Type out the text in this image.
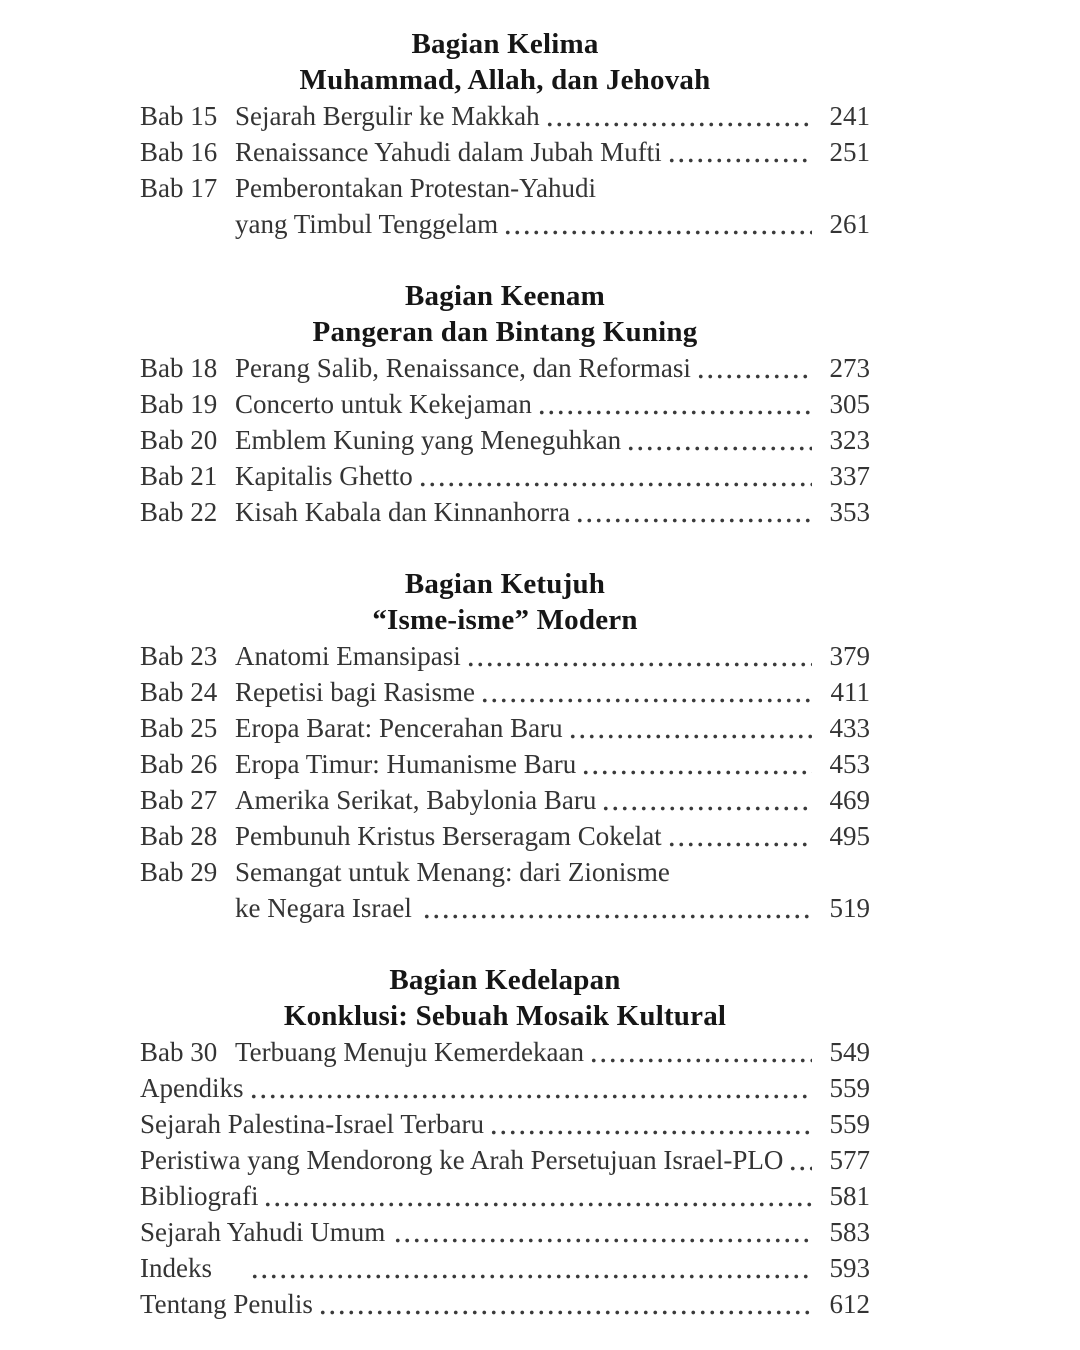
Bagian Kelima
Muhammad, Allah, dan Jehovah
Bab 15 Sejarah Bergulir ke Makkah	241
Bab 16 Renaissance Yahudi dalam Jubah Mufti	251
Bab 17 Pemberontakan Protestan-Yahudi
yang Timbul Tenggelam	261
Bagian Keenam
Pangeran dan Bintang Kuning
Bab 18 Perang Salib, Renaissance, dan Reformasi	273
Bab 19 Concerto untuk Kekejaman	305
Bab 20 Emblem Kuning yang Meneguhkan	323
Bab 21 Kapitalis Ghetto	337
Bab 22 Kisah Kabala dan Kinnanhorra	353
Bagian Ketujuh
“Isme-isme” Modern
Bab 23 Anatomi Emansipasi	379
Bab 24 Repetisi bagi Rasisme	411
Bab 25 Eropa Barat: Pencerahan Baru	433
Bab 26 Eropa Timur: Humanisme Baru	453
Bab 27 Amerika Serikat, Babylonia Baru	469
Bab 28 Pembunuh Kristus Berseragam Cokelat	495
Bab 29 Semangat untuk Menang: dari Zionisme
ke Negara Israel	519
Bagian Kedelapan
Konklusi: Sebuah Mosaik Kultural
Bab 30 Terbuang Menuju Kemerdekaan	549
Apendiks	559
Sejarah Palestina-Israel Terbaru	559
Peristiwa yang Mendorong ke Arah Persetujuan Israel-PLO 577
Bibliografi	581
Sejarah Yahudi Umum	583
Indeks	593
Tentang Penulis	612
